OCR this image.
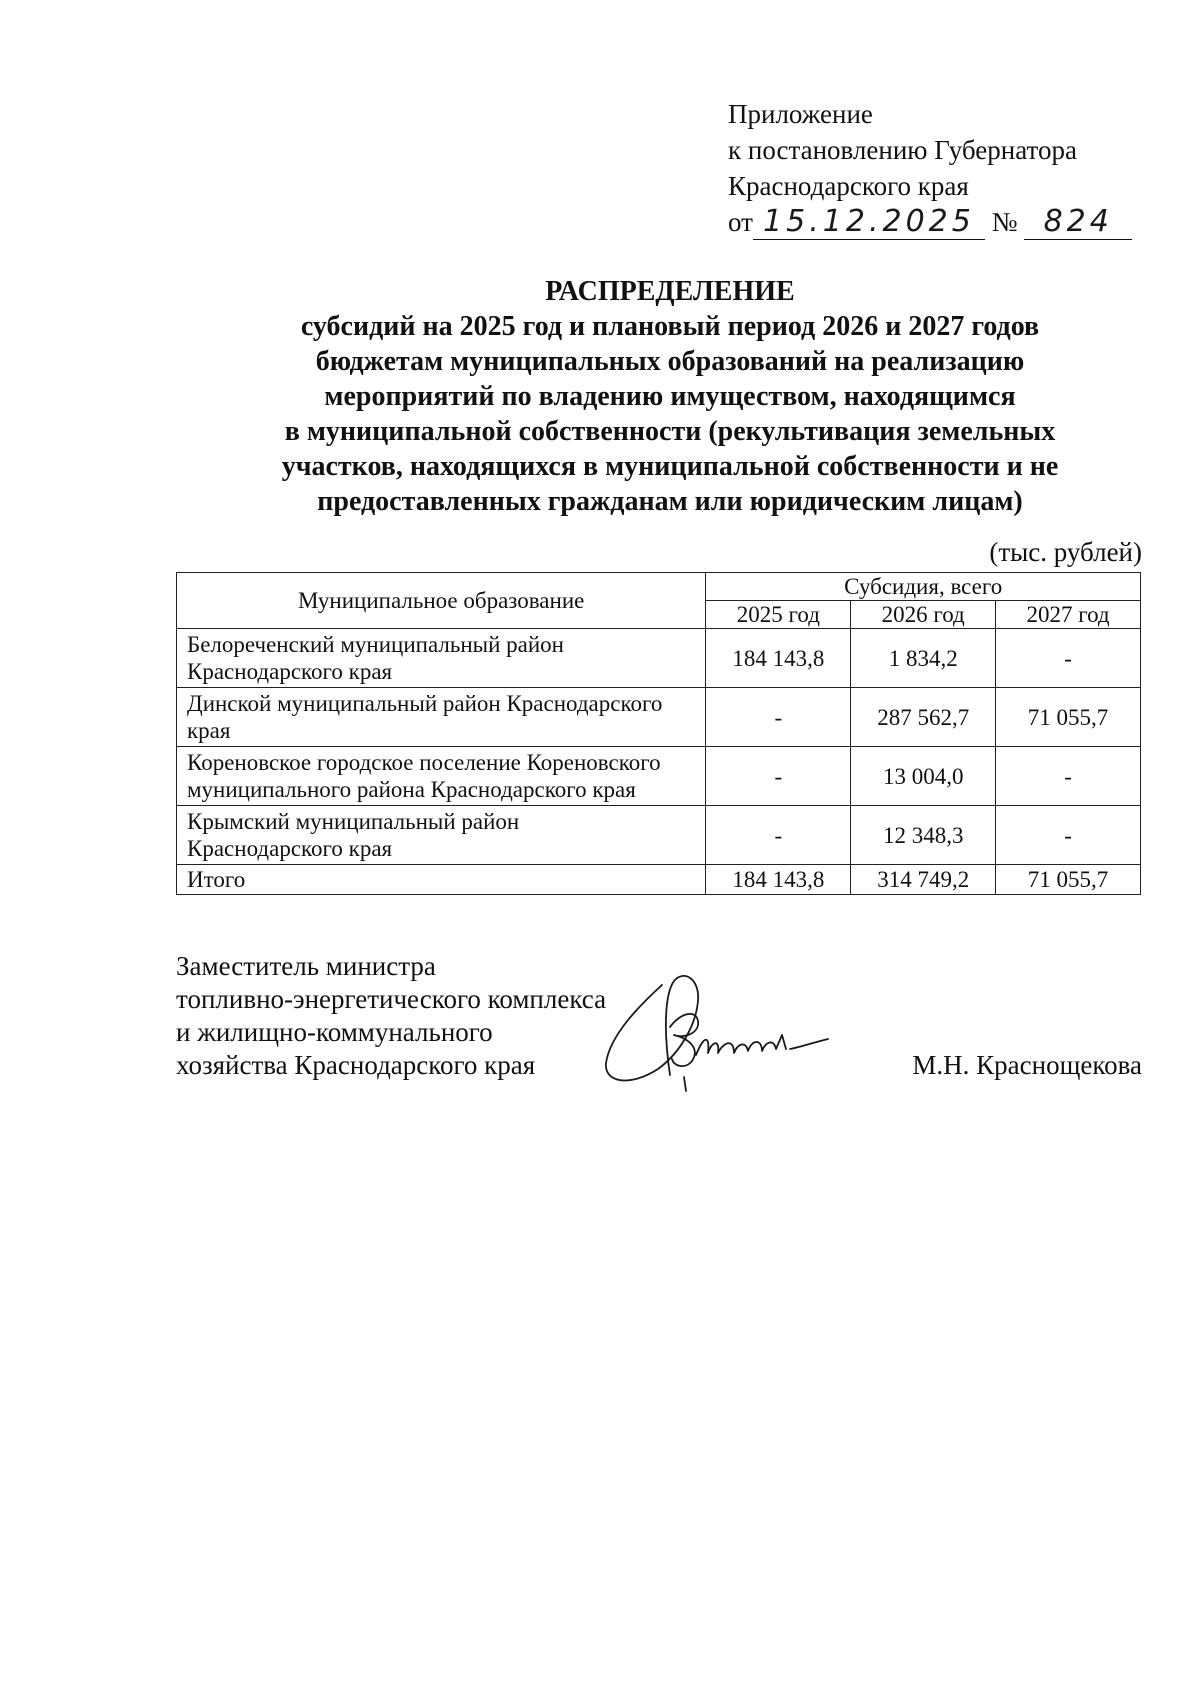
Приложение
к постановлению Губернатора
Краснодарского края
от 15.12.2025 № 824
РАСПРЕДЕЛЕНИЕ
субсидий на 2025 год и плановый период 2026 и 2027 годов
бюджетам муниципальных образований на реализацию
мероприятий по владению имуществом, находящимся
в муниципальной собственности (рекультивация земельных
участков, находящихся в муниципальной собственности и не
предоставленных гражданам или юридическим лицам)
(тыс. рублей)
Муниципальное образование	Субсидия, всего		
	2025 год	2026 год	2027 год

Белореченский муниципальный район
Краснодарского края	184 143,8	1 834,2	-

Динской муниципальный район Краснодарского
края	-	287 562,7	71 055,7

Кореновское городское поселение Кореновского
муниципального района Краснодарского края	-	13 004,0	-

Крымский муниципальный район
Краснодарского края	-	12 348,3	-
Итого	184 143,8	314 749,2	71 055,7
Заместитель министра
топливно-энергетического комплекса
и жилищно-коммунального
хозяйства Краснодарского края	М.Н. Краснощекова
